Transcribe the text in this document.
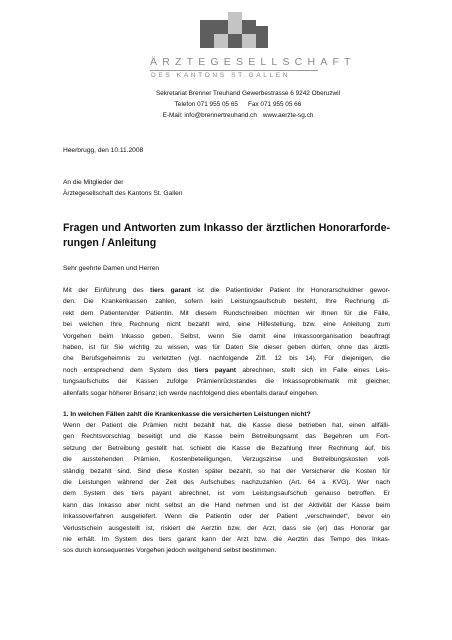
ÄRZTEGESELLSCHAFT
DES KANTONS ST.GALLEN
Sekretariat Brenner Treuhand Gewerbestrasse 6 9242 Oberuzwil
Telefon 071 955 05 65 Fax 071 955 05 66
E-Mail: info@brennertreuhand.ch www.aerzte-sg.ch
Heerbrugg, den 10.11.2008
An die Mitglieder der
Ärztegesellschaft des Kantons St. Gallen
Fragen und Antworten zum Inkasso der ärztlichen Honorarforde-
rungen / Anleitung
Sehr geehrte Damen und Herren
Mit der Einführung des tiers garant ist die Patientin/der Patient Ihr Honorarschuldner gewor-
den. Die Krankenkassen zahlen, sofern kein Leistungsaufschub besteht, Ihre Rechnung di-
rekt dem Patienten/der Patientin. Mit diesem Rundschreiben möchten wir Ihnen für die Fälle,
bei welchen Ihre Rechnung nicht bezahlt wird, eine Hilfestellung, bzw. eine Anleitung zum
Vorgehen beim Inkasso geben. Selbst, wenn Sie damit eine Inkassoorganisation beauftragt
haben, ist für Sie wichtig zu wissen, was für Daten Sie dieser geben dürfen, ohne das ärztli-
che Berufsgeheimnis zu verletzten (vgl. nachfolgende Ziff. 12 bis 14). Für diejenigen, die
noch entsprechend dem System des tiers payant abrechnen, stellt sich im Falle eines Leis-
tungsaufschubs der Kassen zufolge Prämienrückstandes die Inkassoproblematik mit gleicher,
allenfalls sogar höherer Brisanz; ich werde nachfolgend dies ebenfalls darauf eingehen.
1. In welchen Fällen zahlt die Krankenkasse die versicherten Leistungen nicht?
Wenn der Patient die Prämien nicht bezahlt hat, die Kasse diese betrieben hat, einen allfälli-
gen Rechtsvorschlag beseitigt und die Kasse beim Betreibungsamt das Begehren um Fort-
setzung der Betreibung gestellt hat, schiebt die Kasse die Bezahlung Ihrer Rechnung auf, bis
die ausstehenden Prämien, Kostenbeteiligungen, Verzugszinse und Betreibungskosten voll-
ständig bezahlt sind. Sind diese Kosten später bezahlt, so hat der Versicherer die Kosten für
die Leistungen während der Zeit des Aufschubes nachzuzahlen (Art. 64 a KVG). Wer nach
dem System des tiers payant abrechnet, ist vom Leistungsaufschub genauso betroffen. Er
kann das Inkasso aber nicht selbst an die Hand nehmen und ist der Aktivität der Kasse beim
Inkassoverfahren ausgeliefert. Wenn die Patientin oder der Patient „verschwindet“, bevor ein
Verlustschein ausgestellt ist, riskiert die Aerztin bzw. der Arzt, dass sie (er) das Honorar gar
nie erhält. Im System des tiers garant kann der Arzt bzw. die Aerztin das Tempo des Inkas-
sos durch konsequentes Vorgehen jedoch weitgehend selbst bestimmen.
